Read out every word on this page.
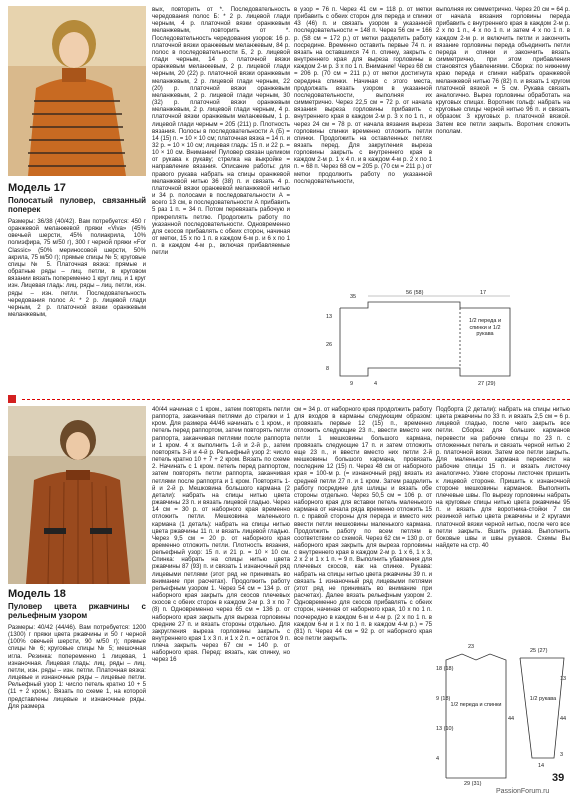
Модель 17
Полосатый пуловер, связанный поперек

Размеры: 36/38 (40/42). Вам потребуется: 450 г оранжевой меланжевой пряжи «Viva» (45% овечьей шерсти, 45% полиакрила, 10% полиэфира, 75 м/50 г), 300 г черной пряжи «For Classic» (50% мериносовой шерсти, 50% акрила, 75 м/50 г); прямые спицы № 5; круговые спицы № 5. Платочная вязка: прямые и обратные ряды – лиц. петли, в круговом вязании вязать попеременно 1 круг лиц. и 1 круг изн. Лицевая гладь: лиц. ряды – лиц. петли, изн. ряды – изн. петли. Последовательность чередования полос А: * 2 р. лицевой глади черным, 2 р. платочной вязки оранжевым меланжевым,

вых, повторить от *. Последовательность чередования полос Б: * 2 р. лицевой глади черным, 4 р. платочной вязки оранжевым меланжевым, повторить от *. Последовательность чередования узоров: 16 р. платочной вязки оранжевым меланжевым, 84 р. полос в последовательности Б, 2 р. лицевой глади черным, 14 р. платочной вязки оранжевым меланжевым, 2 р. лицевой глади черным, 20 (22) р. платочной вязки оранжевым меланжевым, 2 р. лицевой глади черным, 22 (20) р. платочной вязки оранжевым меланжевым, 2 р. лицевой глади черным, 30 (32) р. платочной вязки оранжевым меланжевым, 2 р. лицевой глади черным, 4 р. платочной вязки оранжевым меланжевым, 1 р. лицевой глади черным = 205 (211) р. Плотность вязания. Полосы в последовательности А (Б) = 14 (15) п. = 10 × 10 см; платочная вязка = 14 п. и 32 р. = 10 × 10 см; лицевая гладь: 15 п. и 22 р. = 10 × 10 см. Внимание! Пуловер связан целиком от рукава к рукаву; стрелка на выкройке = направление вязания. Описание работы: для правого рукава набрать на спицы оранжевой меланжевой нитью 36 (38) п. и связать 4 р. платочной вязки оранжевой меланжевой нитью и 34 р. полосами в последовательности А = всего 13 см, в последовательности А прибавить 5 раз 1 п. = 34 п. Потом перевязать рабочую и прикреплять петлю. Продолжить работу по указанной последовательности. Одновременно для скосов прибавлять с обеих сторон, начиная от метки, 15 х по 1 п. в каждом 6-м р. и 6 х по 1 п. в каждом 4-м р., включая прибавляемые петли

в узор = 76 п. Через 41 см = 118 р. от метки прибавить с обеих сторон для переда и спинки 43 (46) п. и связать узором в указанной последовательности = 148 п. Через 56 см = 166 р. (58 см = 172 р.) от метки разделить работу посредине. Временно оставить первые 74 п. и вязать на оставшихся 74 п. спинку, закрыть с внутреннего края для выреза горловины в каждом 2-м р. 3 х по 1 п. Внимание! Через 68 см = 206 р. (70 см = 211 р.) от метки достигнута середина спинки. Начиная с этого места, продолжать вязать узором в указанной последовательности, выполняя их симметрично. Через 22,5 см = 72 р. от начала вязания выреза горловины прибавить с внутреннего края в каждом 2-м р. 3 х по 1 п., и через 24 см = 78 р. от начала вязания выреза горловины спинки временно отложить петли спинки. Продолжить на оставленных петлях вязать перед. Для закругления выреза горловины закрыть с внутреннего края в каждом 2-м р. 1 х 4 п. и в каждом 4-м р. 2 х по 1 п. = 68 п. Через 68 см = 205 р. (70 см = 211 р.) от метки продолжить работу по указанной последовательности,

выполняя их симметрично. Через 20 см = 64 р. от начала вязания горловины переда прибавить с внутреннего края в каждом 2-м р. 2 х по 1 п., 4 х по 1 п. и затем 4 х по 1 п. в каждом 2-м р. и включить петли и закончить вязание горловины переда объединить петли переда и спинки и закончить вязать симметрично, при этом прибавления становятся убавлениями. Сборка: по нижнему краю переда и спинки набрать оранжевой меланжевой нитью 76 (82) п. и вязать 1 кругом платочной вязкой = 5 см. Рукава связать аналогично. Вырез горловины обработать на круговых спицах. Воротник гольф: набрать на круговые спицы черной нитью 96 п. и связать образом: 3 круговых р. платочной вязкой. Затем все петли закрыть. Воротник сложить пополам.

35
56 (58)	17
13
26
8
9	4	27 (29)
1/2 переда и спинки и 1/2 рукава
Модель 18
Пуловер цвета ржавчины с рельефным узором

Размеры: 40/42 (44/46). Вам потребуется: 1200 (1300) г пряжи цвета ржавчины и 50 г черной (100% овечьей шерсти, 90 м/50 г); прямые спицы № 6; круговые спицы № 5; мешочная игла. Резинка: попеременно 1 лицевая, 1 изнаночная. Лицевая гладь: лиц. ряды – лиц. петли, изн. ряды – изн. петли. Платочная вязка: лицевые и изнаночные ряды – лицевые петли. Рельефный узор 1: число петель кратно 10 + 5 (11 + 2 кром.). Вязать по схеме 1, на которой представлены лицевые и изнаночные ряды. Для размера

40/44 начиная с 1 кром., затем повторять петли раппорта, заканчивая петлями до стрелки и 1 кром. Для размера 44/46 начинать с 1 кром., и петель перед раппортом, затем повторять петли раппорта, заканчивая петлями после раппорта и 1 кром. 4 х выполнить 1-й и 2-й р., затем повторять 3-й и 4-й р. Рельефный узор 2: число петель кратно 10 + 7 + 2 кром. Вязать по схеме 2. Начинать с 1 кром. петель перед раппортом, затем повторять петли раппорта, заканчивая петлями после раппорта и 1 кром. Повторять 1-й и 2-й р. Мешковина большого кармана (2 детали): набрать на спицы нитью цвета ржавчины 23 п. и вязать лицевой гладью. Через 14 см = 30 р. от наборного края временно отложить петли. Мешковина маленького кармана (1 деталь): набрать на спицы нитью цвета ржавчины 11 п. и вязать лицевой гладью. Через 9,5 см = 20 р. от наборного края временно отложить петли. Плотность вязания, рельефный узор: 15 п. и 21 р. = 10 × 10 см. Спинка: набрать на спицы нитью цвета ржавчины 87 (93) п. и связать 1 изнаночный ряд лицевыми петлями (этот ряд не принимать во внимание при расчетах). Продолжить работу рельефным узором 1. Через 54 см = 134 р. от наборного края закрыть для скосов плечевых скосов с обеих сторон в каждом 2-м р. 3 х по 7 (8) п. Одновременно через 65 см = 136 р. от наборного края закрыть для выреза горловины средние 27 п. и вязать стороны отдельно. Для закругления выреза горловины закрыть с внутреннего края 1 х 3 п. и 1 х 2 п. = остаток 9 п. плеча закрыть через 67 см = 140 р. от наборного края. Перед: вязать, как спинку, но через 16

см = 34 р. от наборного края продолжить работу для входов в карманы следующим образом: провязать первые 12 (15) п., временно отложить следующие 23 п., ввести вместо них петли 1 мешковины большого кармана, провязать следующие 17 п. и затем отложить еще 23 п., и ввести вместо них петли 2-й мешковины большого кармана, провязать последние 12 (15) п. Через 48 см от наборного края = 100-м р. (= изнаночный ряд) вязать из средней петли 27 п. и 1 кром. Затем разделить работу посредине для шлицы и вязать обе стороны отдельно. Через 50,5 см = 106 р. от наборного края для вставки петель маленького кармана от начала ряда временно отложить 15 п. с правой стороны для переда и вместо них ввести петли мешковины маленького кармана. Продолжить работу по всем петлям в соответствии со схемой. Через 62 см = 130 р. от наборного края закрыть для выреза горловины с внутреннего края в каждом 2-м р. 1 х 6, 1 х 3, 2 х 2 и 1 х 1 п. = 9 п. Выполнить убавления для плечевых скосов, как на спинке. Рукава: набрать на спицы нитью цвета ржавчины 39 п. и связать 1 изнаночный ряд лицевыми петлями (этот ряд не принимать во внимание при расчетах). Далее вязать рельефным узором 2. Одновременно для скосов прибавлять с обеих сторон, начиная от наборного края, 10 х по 1 п. поочередно в каждом 6-м и 4-м р. (2 х по 1 п. в каждом 6-м и 1 х по 1 п. в каждом 4-м р.) = 75 (81) п. Через 44 см = 92 р. от наборного края все петли закрыть.

Подборта (2 детали): набрать на спицы нитью цвета ржавчины по 33 п. и вязать 2,5 см = 6 р. лицевой гладью, после чего закрыть все петли. Сборка: для больших карманов перевести на рабочие спицы по 23 п. с отложенных петель и связать черной нитью 2 р. платочной вязки. Затем все петли закрыть. Для маленького кармана перевести на рабочие спицы 15 п. и вязать листочку аналогично. Узкие стороны листочек пришить к лицевой стороне. Пришить к изнаночной стороне мешковины карманов. Выполнить плечевые швы. По вырезу горловины набрать на круговые спицы нитью цвета ржавчины 95 п. и вязать для воротника-стойки 7 см резинкой нитью цвета ржавчины и 2 кругами платочной вязки черной нитью, после чего все петли закрыть. Вшить рукава. Выполнить боковые швы и швы рукавов. Схемы Вы найдете на стр. 40

23
18 (18)
9 (18)
13 (10)
4
44
29 (31)
1/2 переда и спинки
25 (27)
13
44
14
3
1/2 рукава
39
PassionForum.ru
